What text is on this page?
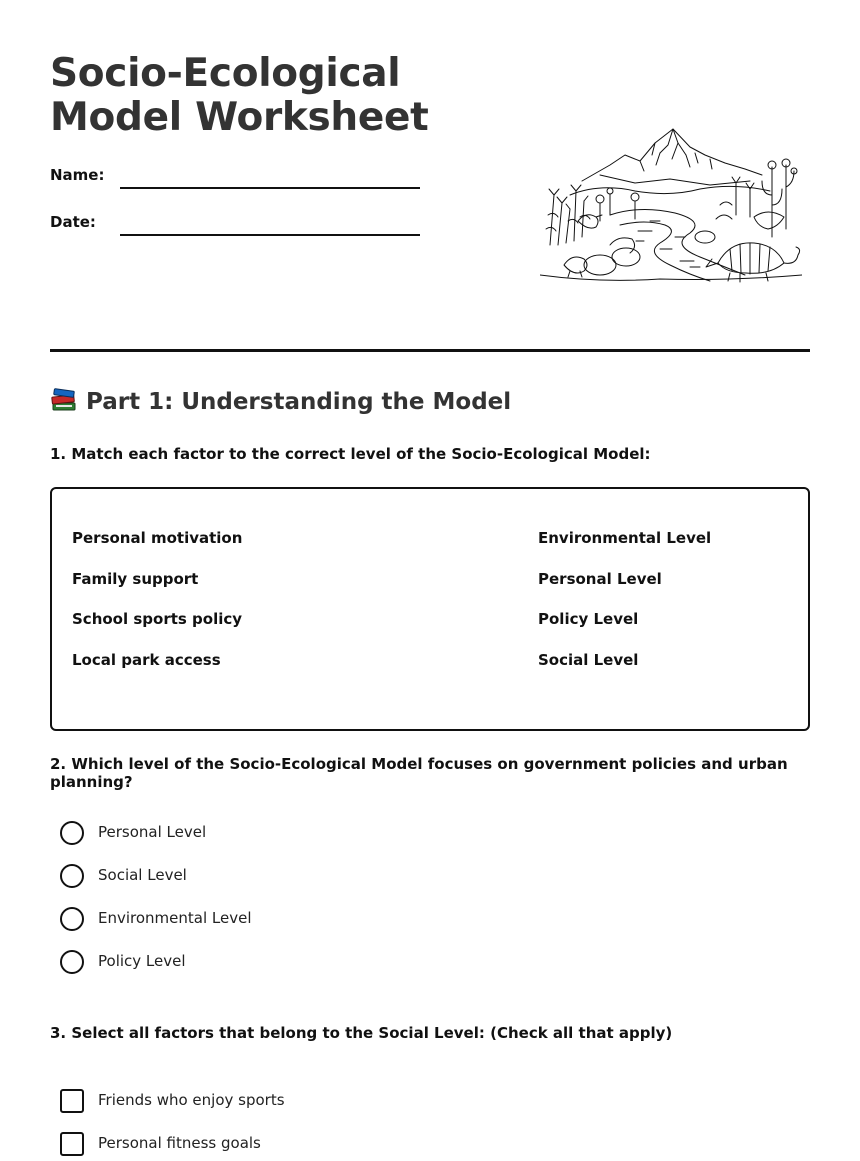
Socio-Ecological Model Worksheet
Name:
Date:
Part 1: Understanding the Model

1. Match each factor to the correct level of the Socio-Ecological Model:

Personal motivation
Family support
School sports policy
Local park access
Environmental Level
Personal Level
Policy Level
Social Level

2. Which level of the Socio-Ecological Model focuses on government policies and urban planning?

Personal Level
Social Level
Environmental Level
Policy Level

3. Select all factors that belong to the Social Level: (Check all that apply)

Friends who enjoy sports
Personal fitness goals
